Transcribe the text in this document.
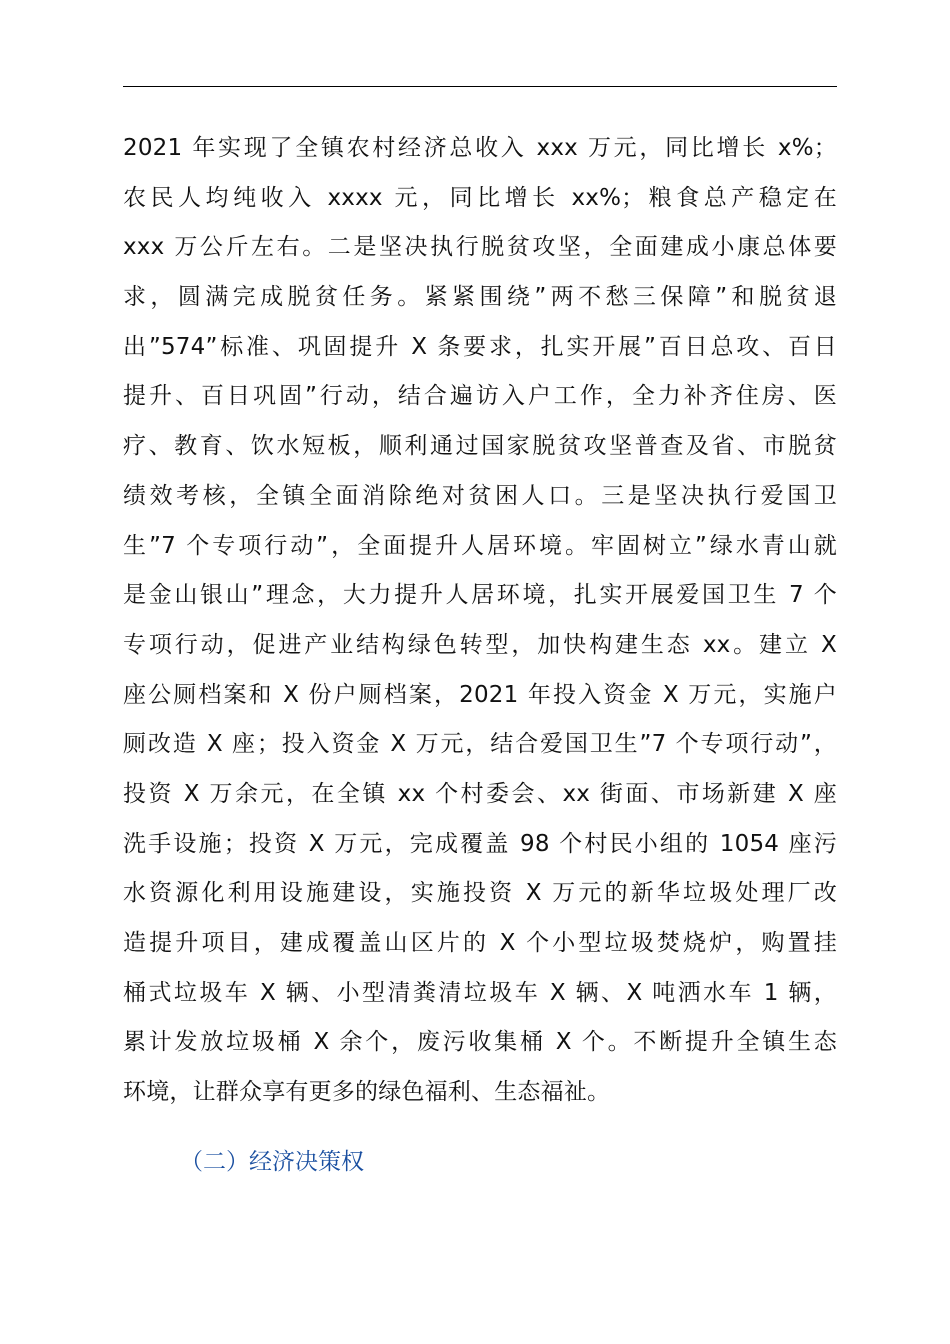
2021 年实现了全镇农村经济总收入 xxx 万元，同比增长 x%；
农民人均纯收入 xxxx 元，同比增长 xx%；粮食总产稳定在
xxx 万公斤左右。二是坚决执行脱贫攻坚，全面建成小康总体要
求，圆满完成脱贫任务。紧紧围绕”两不愁三保障”和脱贫退
出”574”标准、巩固提升 X 条要求，扎实开展”百日总攻、百日
提升、百日巩固”行动，结合遍访入户工作，全力补齐住房、医
疗、教育、饮水短板，顺利通过国家脱贫攻坚普查及省、市脱贫
绩效考核，全镇全面消除绝对贫困人口。三是坚决执行爱国卫
生”7 个专项行动”，全面提升人居环境。牢固树立”绿水青山就
是金山银山”理念，大力提升人居环境，扎实开展爱国卫生 7 个
专项行动，促进产业结构绿色转型，加快构建生态 xx。建立 X
座公厕档案和 X 份户厕档案，2021 年投入资金 X 万元，实施户
厕改造 X 座；投入资金 X 万元，结合爱国卫生”7 个专项行动”，
投资 X 万余元，在全镇 xx 个村委会、xx 街面、市场新建 X 座
洗手设施；投资 X 万元，完成覆盖 98 个村民小组的 1054 座污
水资源化利用设施建设，实施投资 X 万元的新华垃圾处理厂改
造提升项目，建成覆盖山区片的 X 个小型垃圾焚烧炉，购置挂
桶式垃圾车 X 辆、小型清粪清垃圾车 X 辆、X 吨洒水车 1 辆，
累计发放垃圾桶 X 余个，废污收集桶 X 个。不断提升全镇生态
环境，让群众享有更多的绿色福利、生态福祉。
（二）经济决策权
